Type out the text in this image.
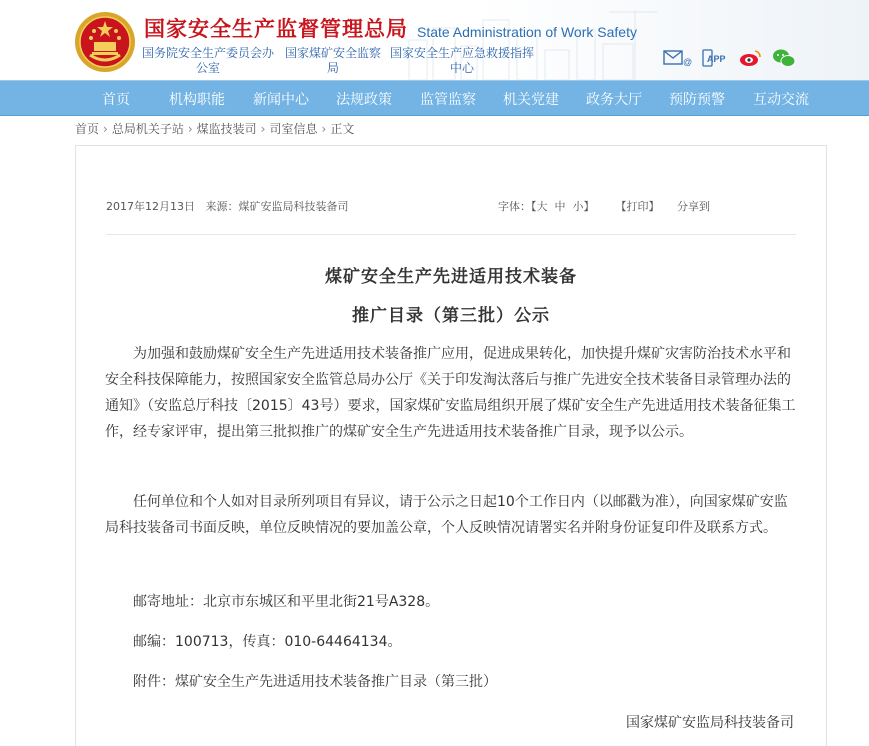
国家安全生产监督管理总局 State Administration of Work Safety
国务院安全生产委员会办
公室
国家煤矿安全监察
局
国家安全生产应急救援指挥
中心	@ APP
首页	机构职能 新闻中心 法规政策 监管监察 机关党建 政务大厅 预防预警 互动交流
首页 › 总局机关子站 › 煤监技装司 › 司室信息 › 正文
2017年12月13日 来源：煤矿安监局科技装备司	字体：【大 中 小】 【打印】 分享到
煤矿安全生产先进适用技术装备
推广目录（第三批）公示
为加强和鼓励煤矿安全生产先进适用技术装备推广应用，促进成果转化，加快提升煤矿灾害防治技术水平和安全科技保障能力，按照国家安全监管总局办公厅《关于印发淘汰落后与推广先进安全技术装备目录管理办法的通知》（安监总厅科技〔2015〕43号）要求，国家煤矿安监局组织开展了煤矿安全生产先进适用技术装备征集工作，经专家评审，提出第三批拟推广的煤矿安全生产先进适用技术装备推广目录，现予以公示。
任何单位和个人如对目录所列项目有异议，请于公示之日起10个工作日内（以邮戳为准），向国家煤矿安监局科技装备司书面反映，单位反映情况的要加盖公章，个人反映情况请署实名并附身份证复印件及联系方式。
邮寄地址：北京市东城区和平里北街21号A328。
邮编：100713，传真：010-64464134。
附件：煤矿安全生产先进适用技术装备推广目录（第三批）
国家煤矿安监局科技装备司
